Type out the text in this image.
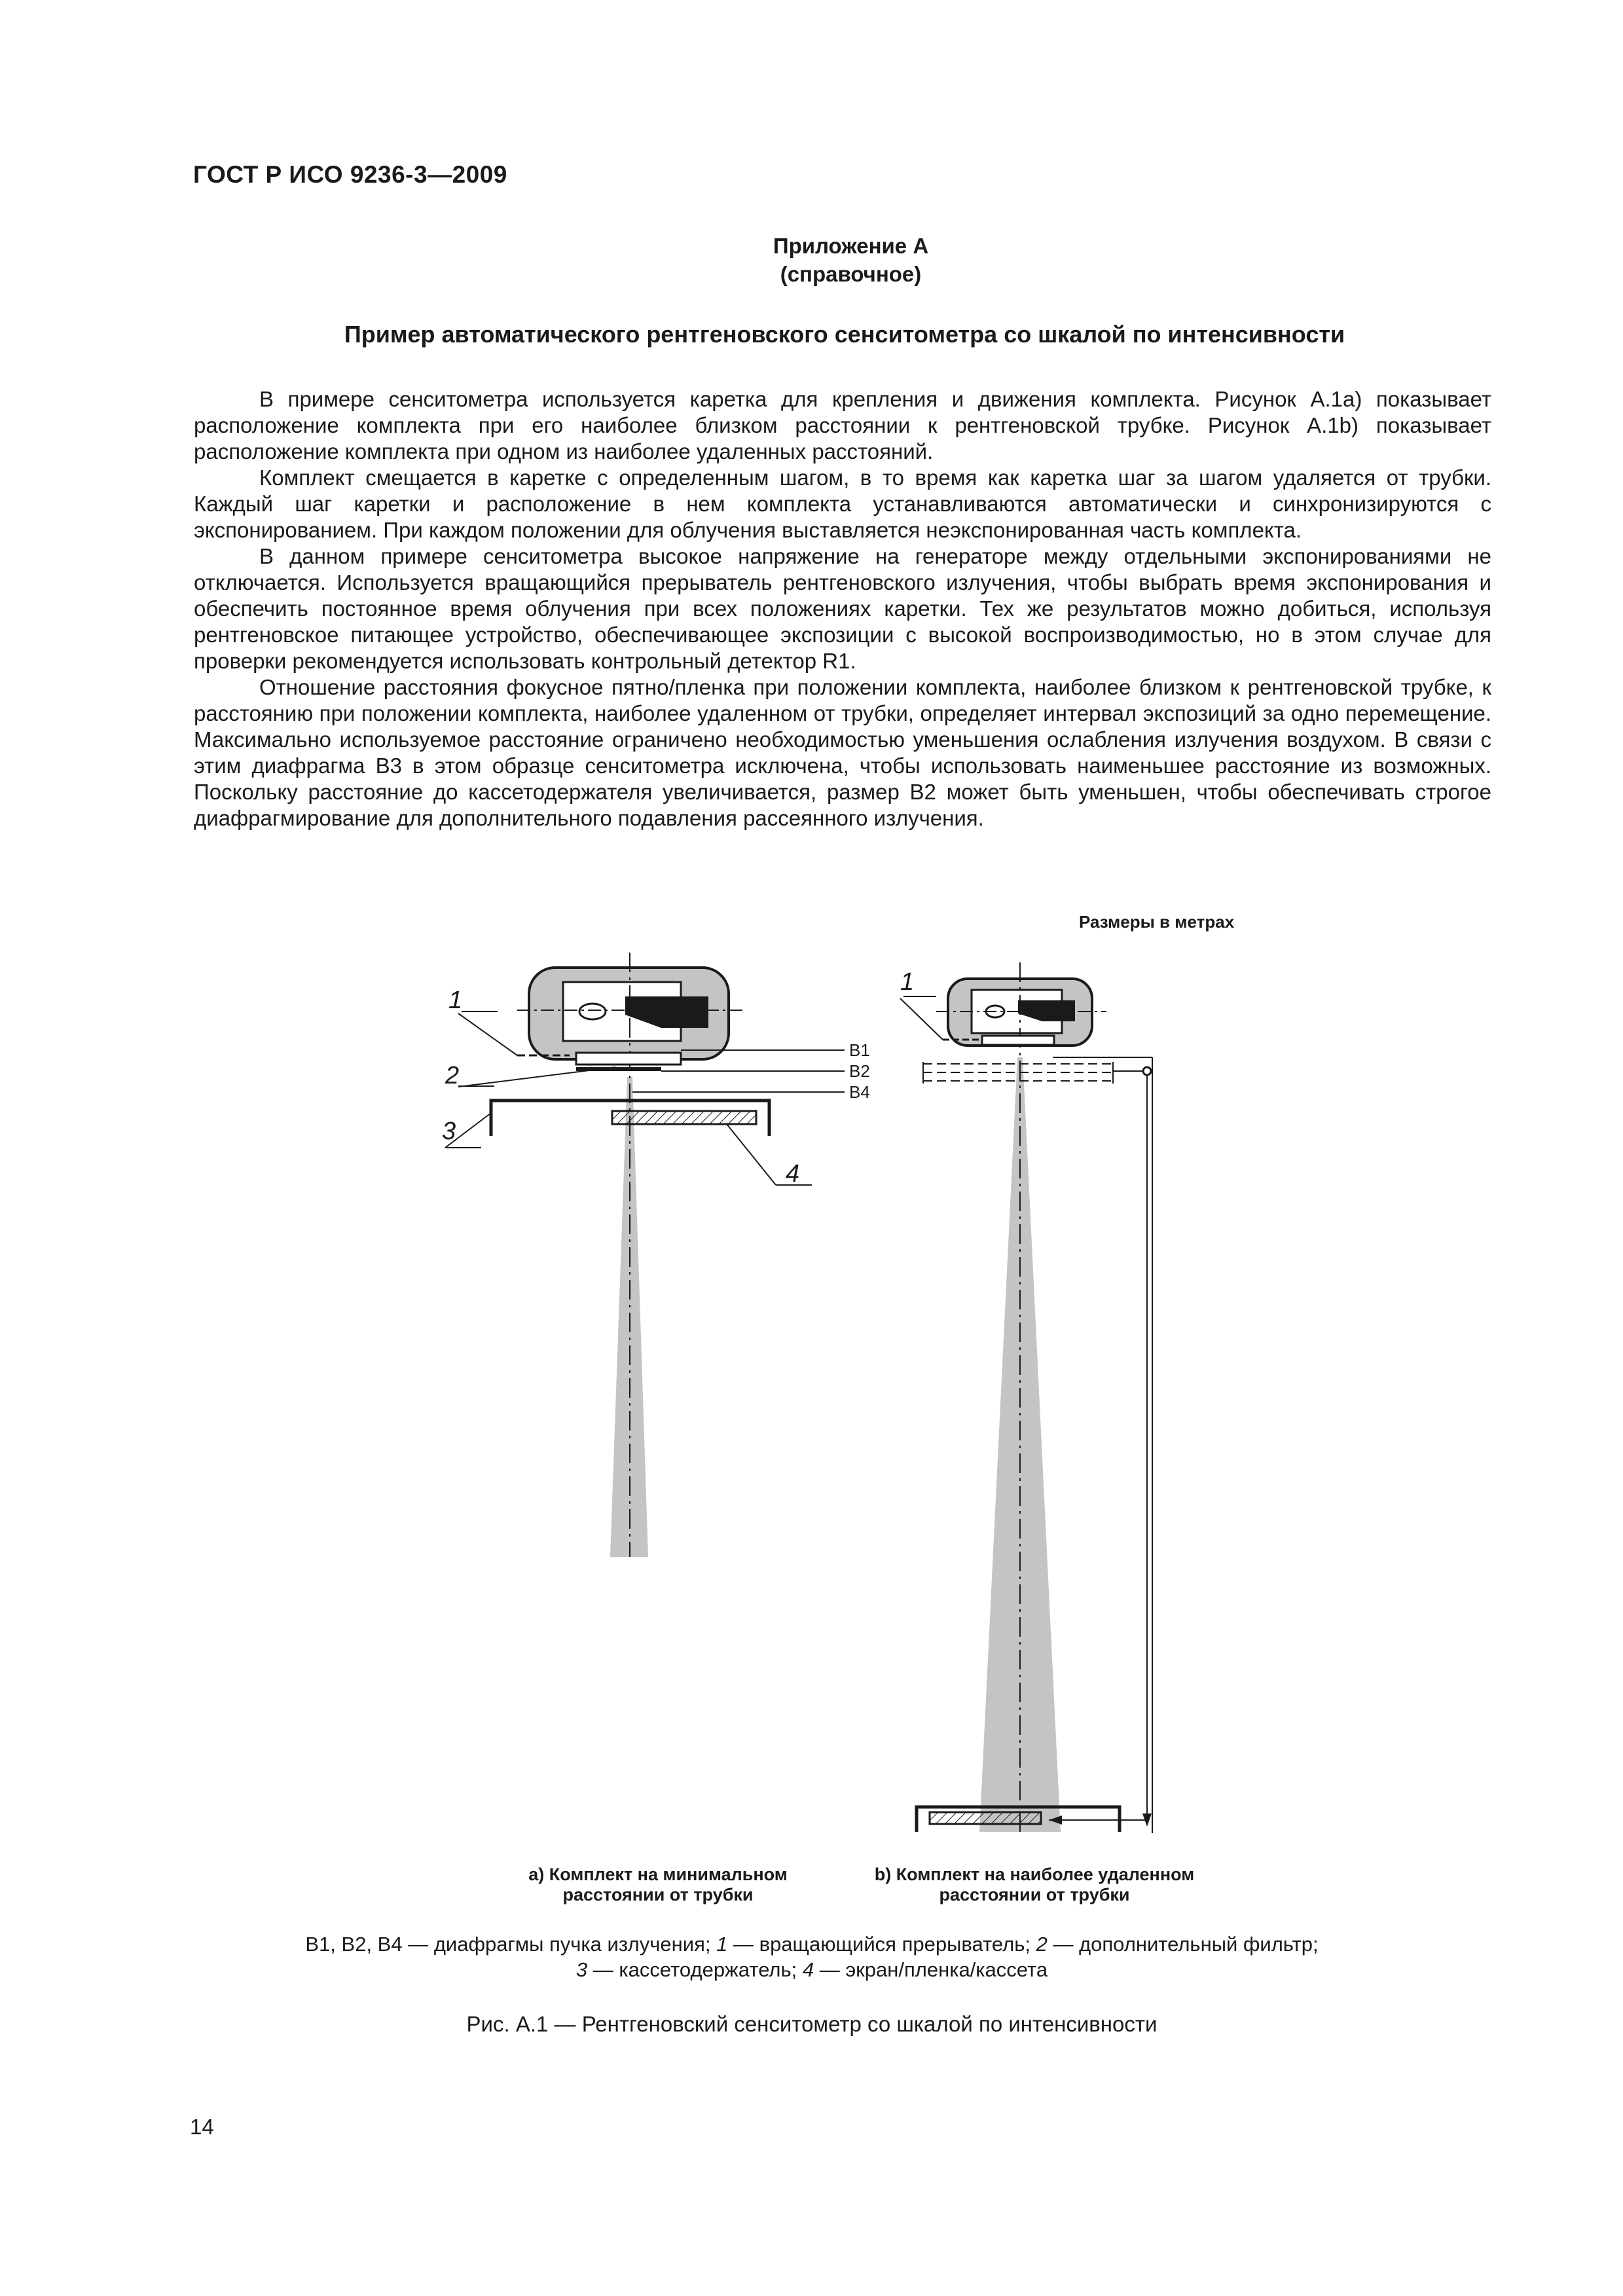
ГОСТ Р ИСО 9236-3—2009
Приложение А
(справочное)
Пример автоматического рентгеновского сенситометра со шкалой по интенсивности

В примере сенситометра используется каретка для крепления и движения комплекта. Рисунок А.1а) показывает расположение комплекта при его наиболее близком расстоянии к рентгеновской трубке. Рисунок А.1b) показывает расположение комплекта при одном из наиболее удаленных расстояний.

Комплект смещается в каретке с определенным шагом, в то время как каретка шаг за шагом удаляется от трубки. Каждый шаг каретки и расположение в нем комплекта устанавливаются автоматически и синхронизируются с экспонированием. При каждом положении для облучения выставляется неэкспонированная часть комплекта.

В данном примере сенситометра высокое напряжение на генераторе между отдельными экспонированиями не отключается. Используется вращающийся прерыватель рентгеновского излучения, чтобы выбрать время экспонирования и обеспечить постоянное время облучения при всех положениях каретки. Тех же результатов можно добиться, используя рентгеновское питающее устройство, обеспечивающее экспозиции с высокой воспроизводимостью, но в этом случае для проверки рекомендуется использовать контрольный детектор R1.

Отношение расстояния фокусное пятно/пленка при положении комплекта, наиболее близком к рентгеновской трубке, к расстоянию при положении комплекта, наиболее удаленном от трубки, определяет интервал экспозиций за одно перемещение. Максимально используемое расстояние ограничено необходимостью уменьшения ослабления излучения воздухом. В связи с этим диафрагма В3 в этом образце сенситометра исключена, чтобы использовать наименьшее расстояние из возможных. Поскольку расстояние до кассетодержателя увеличивается, размер В2 может быть уменьшен, чтобы обеспечивать строгое диафрагмирование для дополнительного подавления рассеянного излучения.

Размеры в метрах
1
2
3
4
В1
В2
В4
1
а) Комплект на минимальном
расстоянии от трубки
b) Комплект на наиболее удаленном
расстоянии от трубки
В1, В2, В4 — диафрагмы пучка излучения; 1 — вращающийся прерыватель; 2 — дополнительный фильтр;
3 — кассетодержатель; 4 — экран/пленка/кассета
Рис. А.1 — Рентгеновский сенситометр со шкалой по интенсивности
14
